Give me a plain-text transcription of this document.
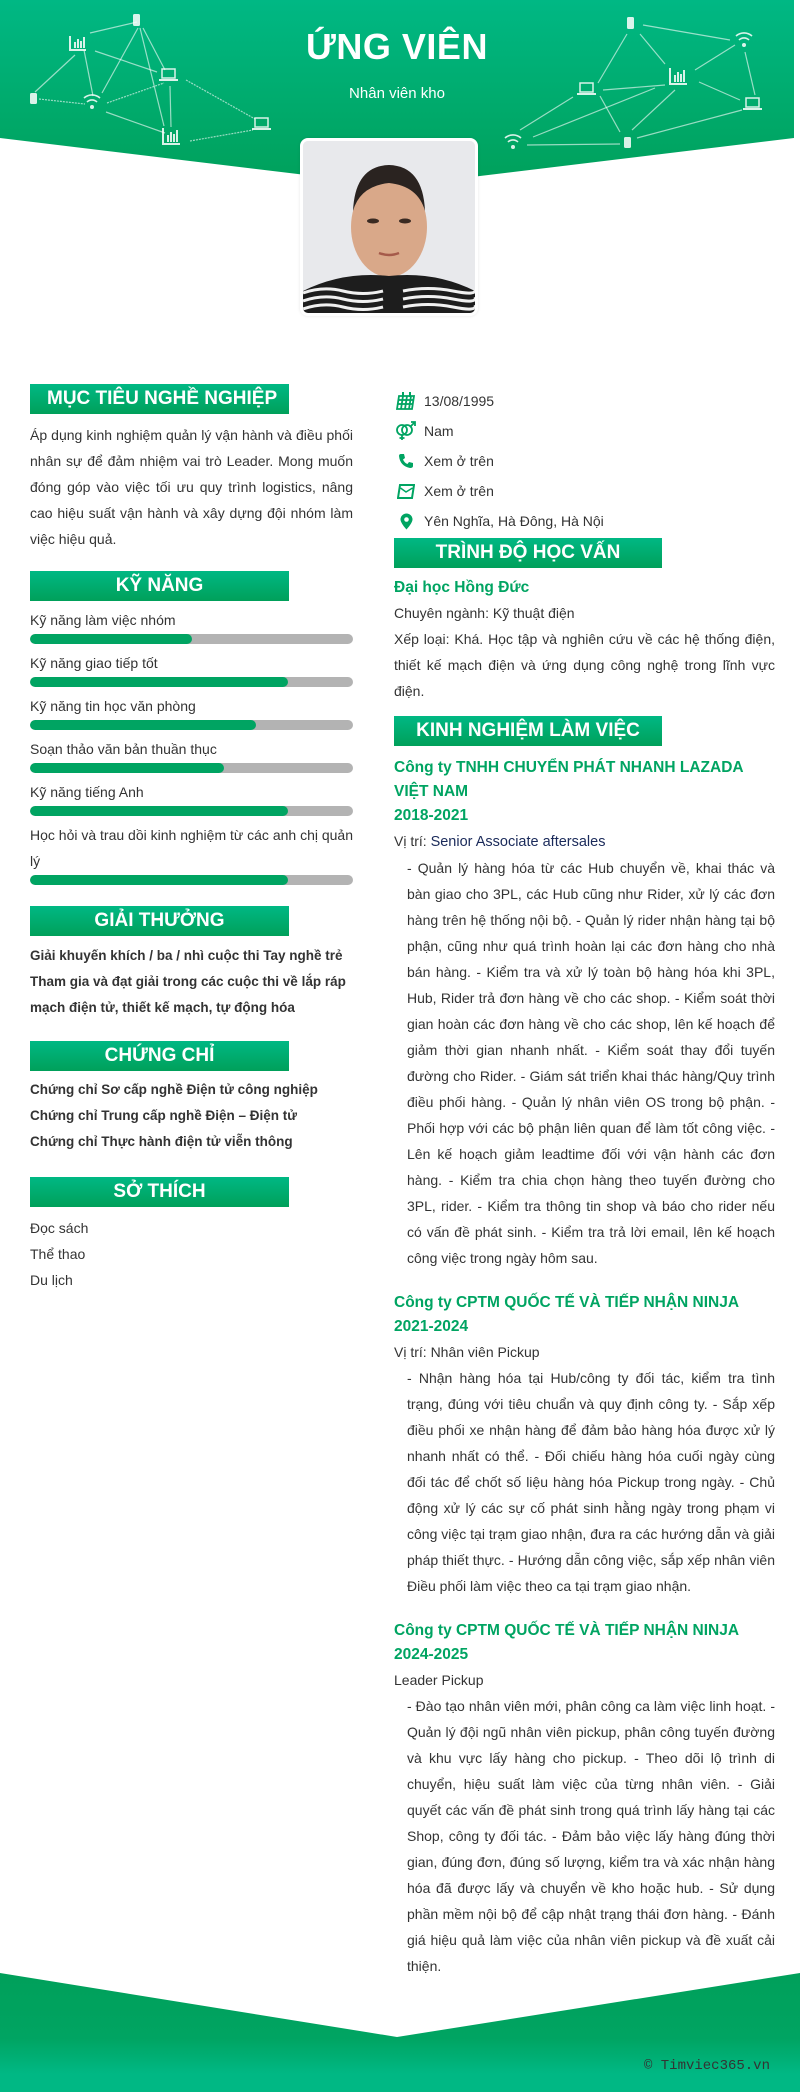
ỨNG VIÊN
Nhân viên kho
MỤC TIÊU NGHỀ NGHIỆP
Áp dụng kinh nghiệm quản lý vận hành và điều phối nhân sự để đảm nhiệm vai trò Leader. Mong muốn đóng góp vào việc tối ưu quy trình logistics, nâng cao hiệu suất vận hành và xây dựng đội nhóm làm việc hiệu quả.
KỸ NĂNG
Kỹ năng làm việc nhóm
Kỹ năng giao tiếp tốt
Kỹ năng tin học văn phòng
Soạn thảo văn bản thuần thục
Kỹ năng tiếng Anh
Học hỏi và trau dồi kinh nghiệm từ các anh chị quản lý
GIẢI THƯỞNG
Giải khuyến khích / ba / nhì cuộc thi Tay nghề trẻ
Tham gia và đạt giải trong các cuộc thi về lắp ráp mạch điện tử, thiết kế mạch, tự động hóa
CHỨNG CHỈ
Chứng chỉ Sơ cấp nghề Điện tử công nghiệp
Chứng chỉ Trung cấp nghề Điện – Điện tử
Chứng chỉ Thực hành điện tử viễn thông
SỞ THÍCH
Đọc sách
Thể thao
Du lịch
13/08/1995
Nam
Xem ở trên
Xem ở trên
Yên Nghĩa, Hà Đông, Hà Nội
TRÌNH ĐỘ HỌC VẤN
Đại học Hồng Đức
Chuyên ngành: Kỹ thuật điện
Xếp loại: Khá. Học tập và nghiên cứu về các hệ thống điện, thiết kế mạch điện và ứng dụng công nghệ trong lĩnh vực điện.
KINH NGHIỆM LÀM VIỆC
Công ty TNHH CHUYỂN PHÁT NHANH LAZADA VIỆT NAM
2018-2021
Vị trí: Senior Associate aftersales
- Quản lý hàng hóa từ các Hub chuyển về, khai thác và bàn giao cho 3PL, các Hub cũng như Rider, xử lý các đơn hàng trên hệ thống nội bộ. - Quản lý rider nhận hàng tại bộ phận, cũng như quá trình hoàn lại các đơn hàng cho nhà bán hàng. - Kiểm tra và xử lý toàn bộ hàng hóa khi 3PL, Hub, Rider trả đơn hàng về cho các shop. - Kiểm soát thời gian hoàn các đơn hàng về cho các shop, lên kế hoạch để giảm thời gian nhanh nhất. - Kiểm soát thay đổi tuyến đường cho Rider. - Giám sát triển khai thác hàng/Quy trình điều phối hàng. - Quản lý nhân viên OS trong bộ phận. - Phối hợp với các bộ phận liên quan để làm tốt công việc. - Lên kế hoạch giảm leadtime đối với vận hành các đơn hàng. - Kiểm tra chia chọn hàng theo tuyến đường cho 3PL, rider. - Kiểm tra thông tin shop và báo cho rider nếu có vấn đề phát sinh. - Kiểm tra trả lời email, lên kế hoạch công việc trong ngày hôm sau.
Công ty CPTM QUỐC TẾ VÀ TIẾP NHẬN NINJA
2021-2024
Vị trí: Nhân viên Pickup
- Nhận hàng hóa tại Hub/công ty đối tác, kiểm tra tình trạng, đúng với tiêu chuẩn và quy định công ty. - Sắp xếp điều phối xe nhận hàng để đảm bảo hàng hóa được xử lý nhanh nhất có thể. - Đối chiếu hàng hóa cuối ngày cùng đối tác để chốt số liệu hàng hóa Pickup trong ngày. - Chủ động xử lý các sự cố phát sinh hằng ngày trong phạm vi công việc tại trạm giao nhận, đưa ra các hướng dẫn và giải pháp thiết thực. - Hướng dẫn công việc, sắp xếp nhân viên Điều phối làm việc theo ca tại trạm giao nhận.
Công ty CPTM QUỐC TẾ VÀ TIẾP NHẬN NINJA
2024-2025
Leader Pickup
- Đào tạo nhân viên mới, phân công ca làm việc linh hoạt. - Quản lý đội ngũ nhân viên pickup, phân công tuyến đường và khu vực lấy hàng cho pickup. - Theo dõi lộ trình di chuyển, hiệu suất làm việc của từng nhân viên. - Giải quyết các vấn đề phát sinh trong quá trình lấy hàng tại các Shop, công ty đối tác. - Đảm bảo việc lấy hàng đúng thời gian, đúng đơn, đúng số lượng, kiểm tra và xác nhận hàng hóa đã được lấy và chuyển về kho hoặc hub. - Sử dụng phần mềm nội bộ để cập nhật trạng thái đơn hàng. - Đánh giá hiệu quả làm việc của nhân viên pickup và đề xuất cải thiện.
© Timviec365.vn
